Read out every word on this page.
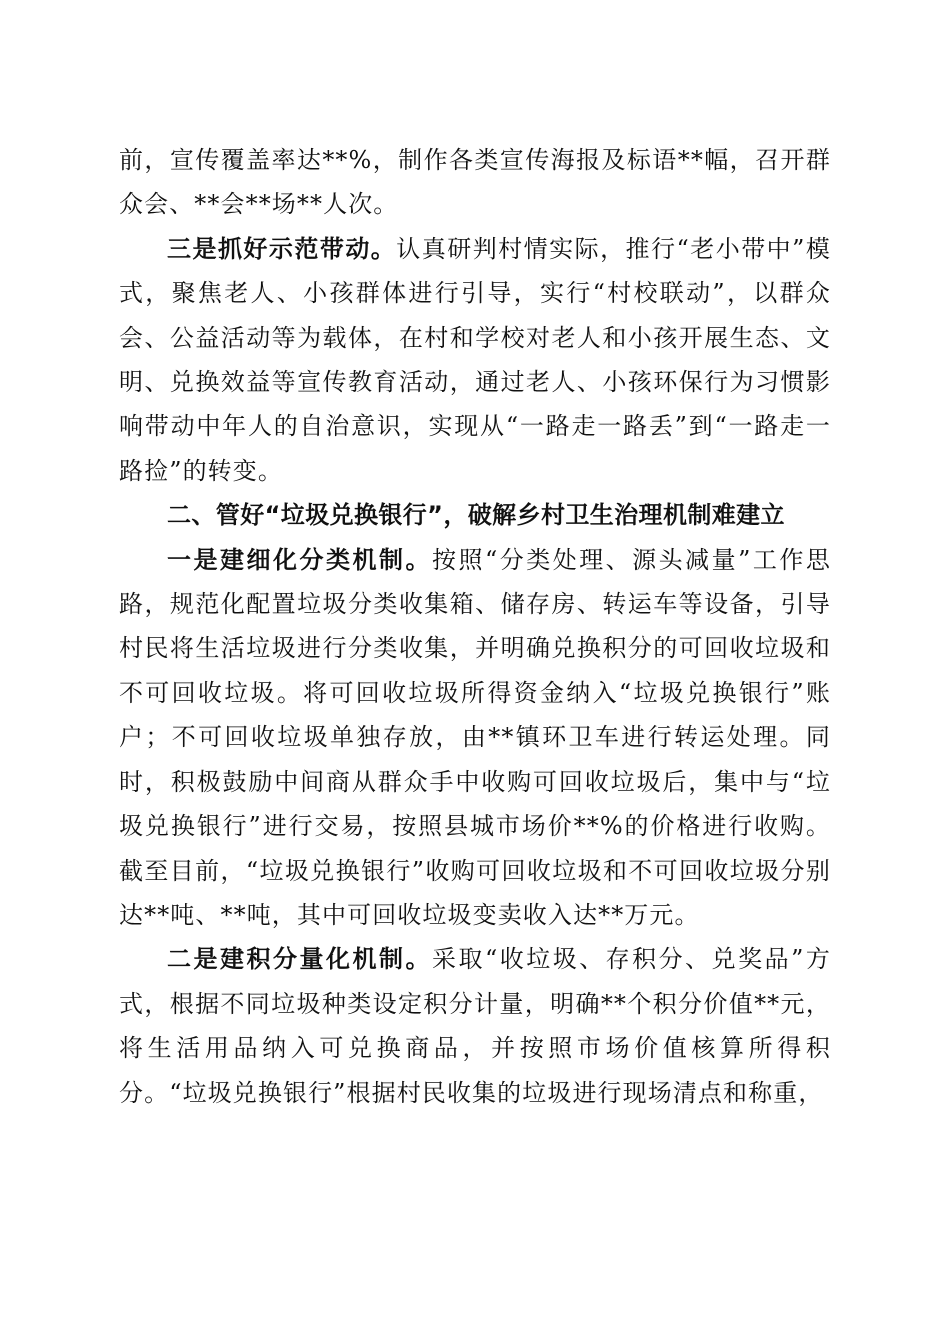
前，宣传覆盖率达**%，制作各类宣传海报及标语**幅，召开群众会、**会**场**人次。

三是抓好示范带动。认真研判村情实际，推行“老小带中”模式，聚焦老人、小孩群体进行引导，实行“村校联动”，以群众会、公益活动等为载体，在村和学校对老人和小孩开展生态、文明、兑换效益等宣传教育活动，通过老人、小孩环保行为习惯影响带动中年人的自治意识，实现从“一路走一路丢”到“一路走一路捡”的转变。

二、管好“垃圾兑换银行”，破解乡村卫生治理机制难建立

一是建细化分类机制。按照“分类处理、源头减量”工作思路，规范化配置垃圾分类收集箱、储存房、转运车等设备，引导村民将生活垃圾进行分类收集，并明确兑换积分的可回收垃圾和不可回收垃圾。将可回收垃圾所得资金纳入“垃圾兑换银行”账户；不可回收垃圾单独存放，由**镇环卫车进行转运处理。同时，积极鼓励中间商从群众手中收购可回收垃圾后，集中与“垃圾兑换银行”进行交易，按照县城市场价**%的价格进行收购。截至目前，“垃圾兑换银行”收购可回收垃圾和不可回收垃圾分别达**吨、**吨，其中可回收垃圾变卖收入达**万元。

二是建积分量化机制。采取“收垃圾、存积分、兑奖品”方式，根据不同垃圾种类设定积分计量，明确**个积分价值**元，将生活用品纳入可兑换商品，并按照市场价值核算所得积分。“垃圾兑换银行”根据村民收集的垃圾进行现场清点和称重，
